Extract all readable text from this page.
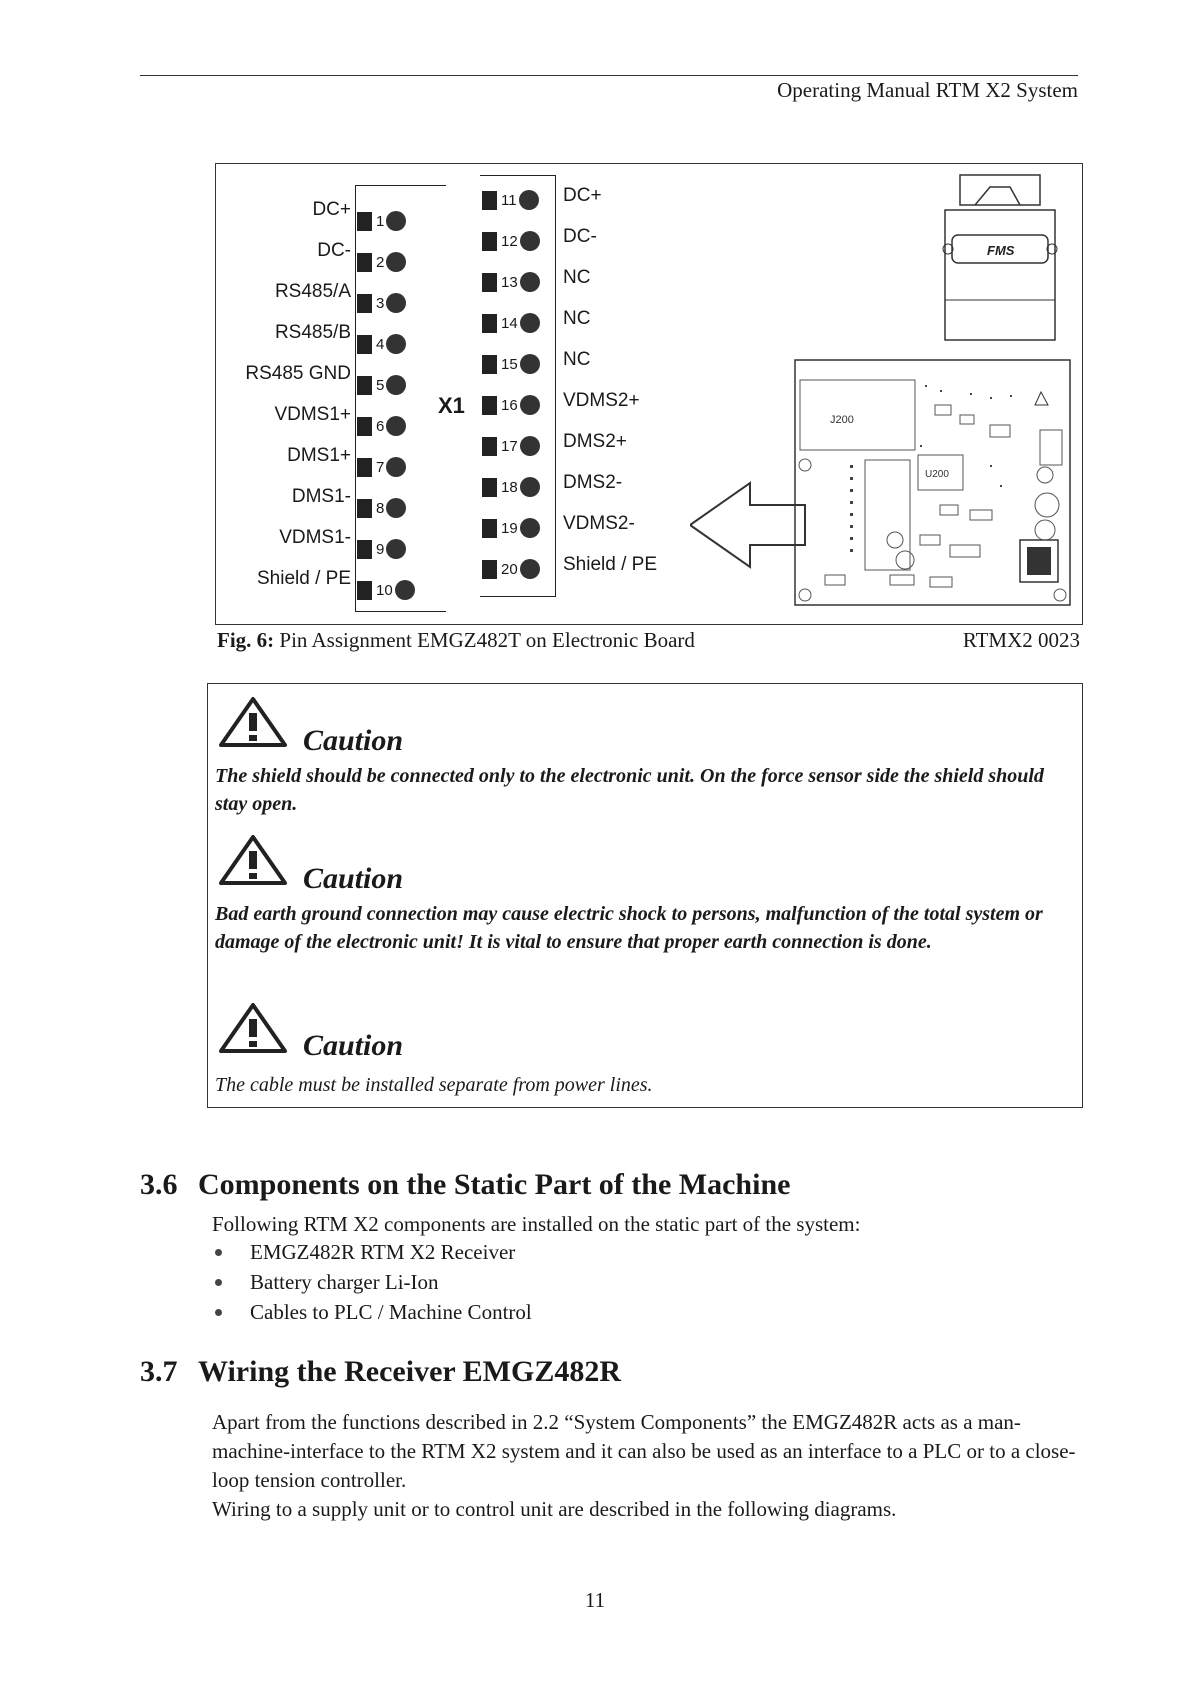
Operating Manual RTM X2 System
DC+
DC-
RS485/A
RS485/B
RS485 GND
VDMS1+
DMS1+
DMS1-
VDMS1-
Shield / PE
1
2
3
4
5
6
7
8
9
10
X1
11
12
13
14
15
16
17
18
19
20
DC+
DC-
NC
NC
NC
VDMS2+
DMS2+
DMS2-
VDMS2-
Shield / PE
FMS
J200
U200
Fig. 6: Pin Assignment EMGZ482T on Electronic Board	RTMX2 0023
Caution
The shield should be connected only to the electronic unit. On the force sensor side the shield should stay open.
Caution
Bad earth ground connection may cause electric shock to persons, malfunction of the total system or damage of the electronic unit! It is vital to ensure that proper earth connection is done.
Caution
The cable must be installed separate from power lines.
3.6 Components on the Static Part of the Machine
Following RTM X2 components are installed on the static part of the system:
EMGZ482R RTM X2 Receiver
Battery charger Li-Ion
Cables to PLC / Machine Control
3.7 Wiring the Receiver EMGZ482R
Apart from the functions described in 2.2 “System Components” the EMGZ482R acts as a man-machine-interface to the RTM X2 system and it can also be used as an interface to a PLC or to a close-loop tension controller.
Wiring to a supply unit or to control unit are described in the following diagrams.
11
